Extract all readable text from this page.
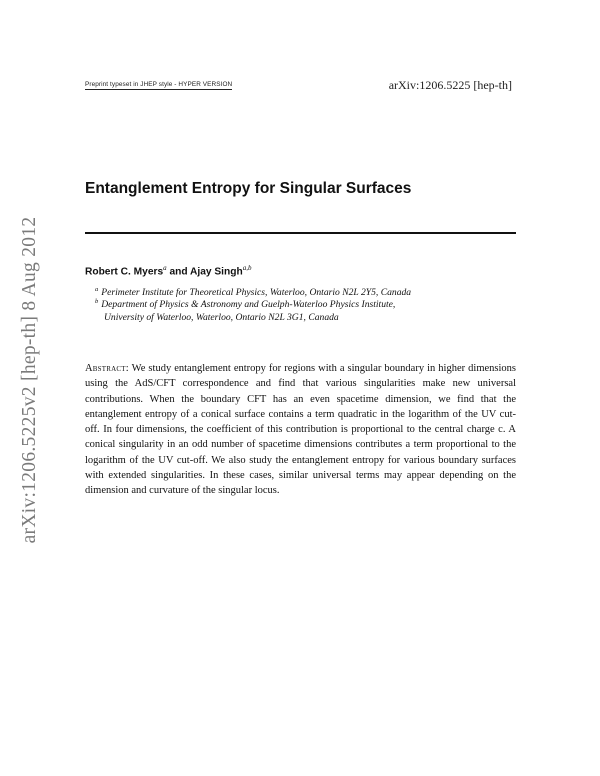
Preprint typeset in JHEP style - HYPER VERSION	arXiv:1206.5225 [hep-th]
arXiv:1206.5225v2 [hep-th] 8 Aug 2012
Entanglement Entropy for Singular Surfaces
Robert C. Myers$^a$ and Ajay Singh$^{a,b}$
$^a$ Perimeter Institute for Theoretical Physics, Waterloo, Ontario N2L 2Y5, Canada
$^b$ Department of Physics & Astronomy and Guelph-Waterloo Physics Institute,
University of Waterloo, Waterloo, Ontario N2L 3G1, Canada
Abstract: We study entanglement entropy for regions with a singular boundary in higher dimensions using the AdS/CFT correspondence and find that various singularities make new universal contributions. When the boundary CFT has an even spacetime dimension, we find that the entanglement entropy of a conical surface contains a term quadratic in the logarithm of the UV cut-off. In four dimensions, the coefficient of this contribution is proportional to the central charge c. A conical singularity in an odd number of spacetime dimensions contributes a term proportional to the logarithm of the UV cut-off. We also study the entanglement entropy for various boundary surfaces with extended singularities. In these cases, similar universal terms may appear depending on the dimension and curvature of the singular locus.
